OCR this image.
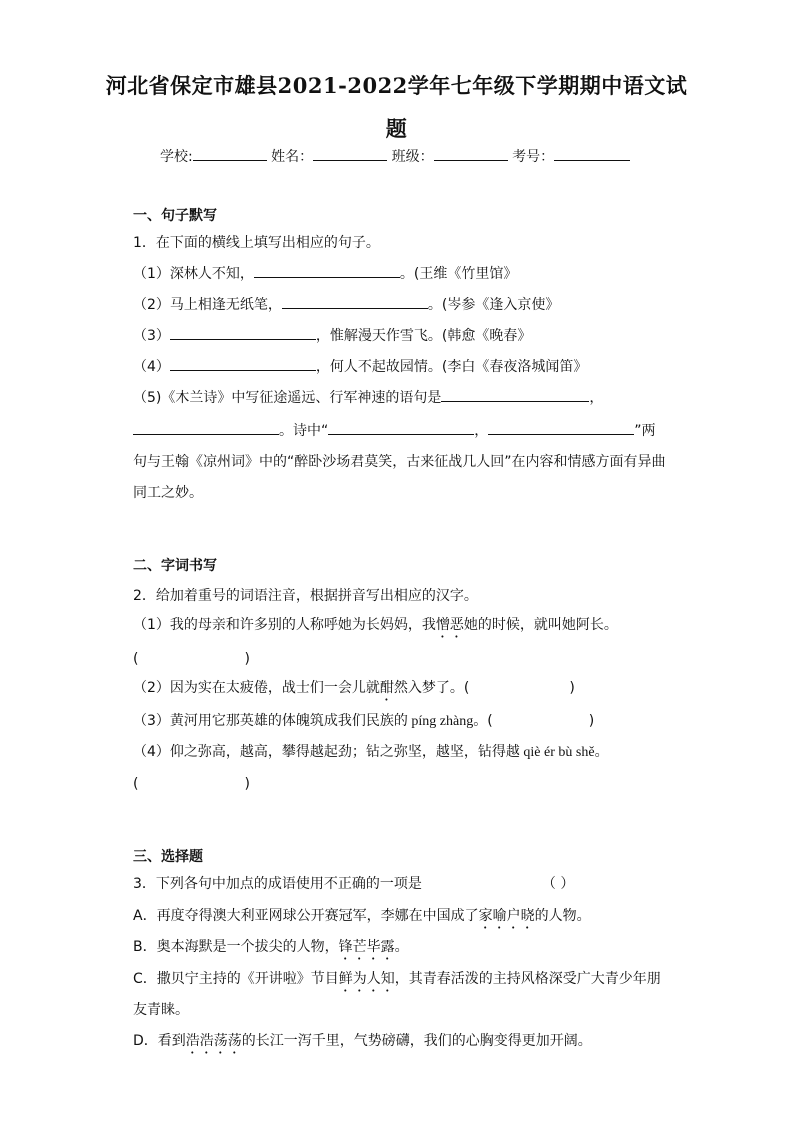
河北省保定市雄县2021-2022学年七年级下学期期中语文试
题
学校:	姓名：	班级：	考号：
一、句子默写
1．在下面的横线上填写出相应的句子。
（1）深林人不知，	。(王维《竹里馆》
（2）马上相逢无纸笔，	。(岑参《逢入京使》
（3）	，惟解漫天作雪飞。(韩愈《晚春》
（4）	，何人不起故园情。(李白《春夜洛城闻笛》
（5)《木兰诗》中写征途遥远、行军神速的语句是	，
。诗中“	，	”两
句与王翰《凉州词》中的“醉卧沙场君莫笑，古来征战几人回”在内容和情感方面有异曲
同工之妙。
二、字词书写
2．给加着重号的词语注音，根据拼音写出相应的汉字。
（1）我的母亲和许多别的人称呼她为长妈妈，我憎恶她的时候，就叫她阿长。
(	)
（2）因为实在太疲倦，战士们一会儿就酣然入梦了。(	)
（3）黄河用它那英雄的体魄筑成我们民族的 píng zhàng。(	)
（4）仰之弥高，越高，攀得越起劲；钻之弥坚，越坚，钻得越 qiè ér bù shě。
(	)
三、选择题
3．下列各句中加点的成语使用不正确的一项是	（ ）
A．再度夺得澳大利亚网球公开赛冠军，李娜在中国成了家喻户晓的人物。
B．奥本海默是一个拔尖的人物，锋芒毕露。
C．撒贝宁主持的《开讲啦》节目鲜为人知，其青春活泼的主持风格深受广大青少年朋
友青睐。
D．看到浩浩荡荡的长江一泻千里，气势磅礴，我们的心胸变得更加开阔。
